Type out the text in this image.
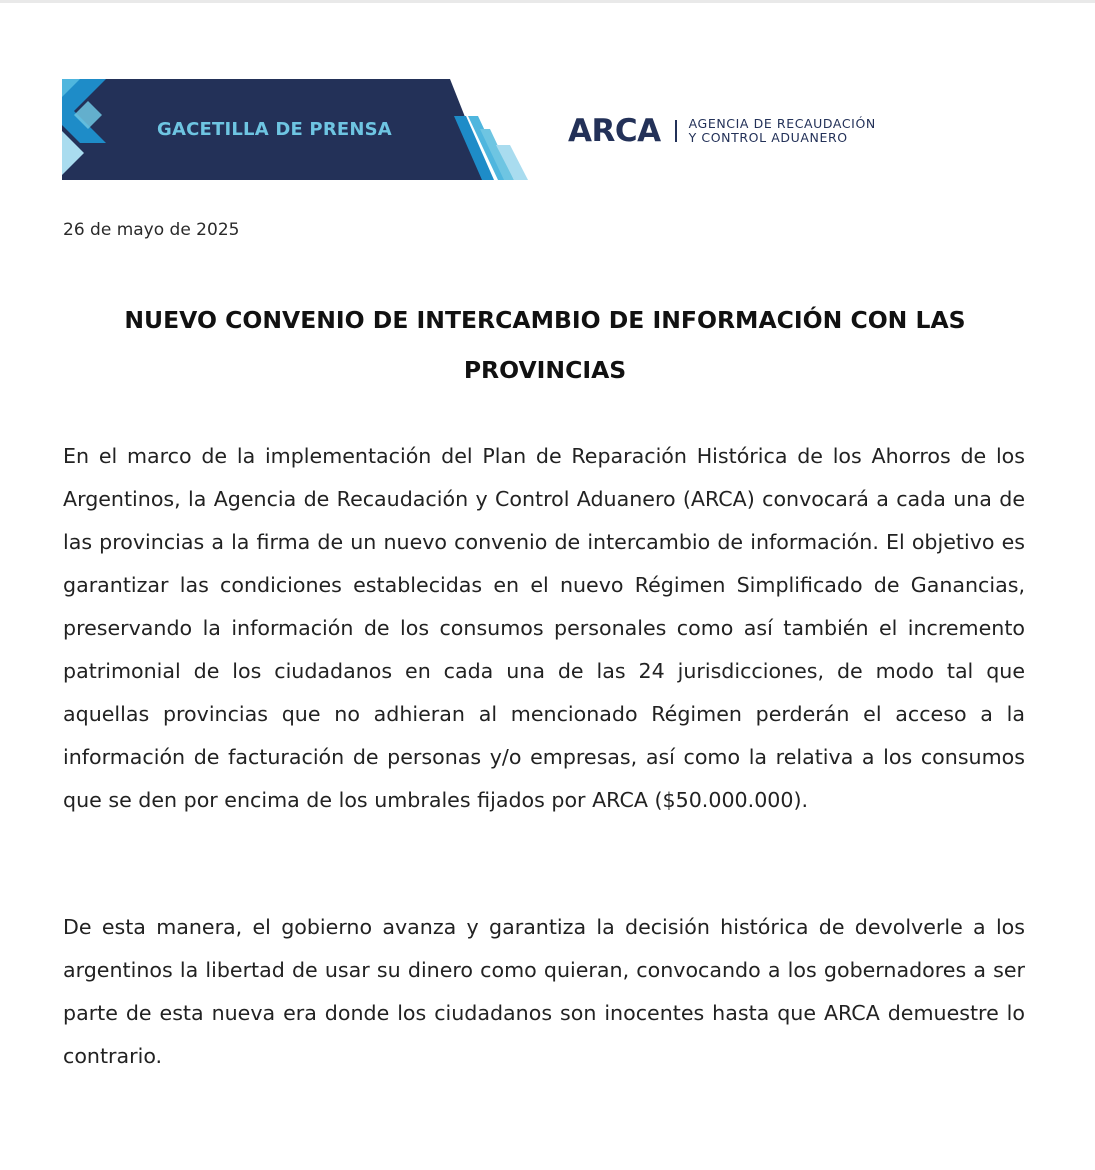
GACETILLA DE PRENSA	ARCA AGENCIA DE RECAUDACIÓN
Y CONTROL ADUANERO
26 de mayo de 2025
NUEVO CONVENIO DE INTERCAMBIO DE INFORMACIÓN CON LAS PROVINCIAS

En el marco de la implementación del Plan de Reparación Histórica de los Ahorros de los Argentinos, la Agencia de Recaudación y Control Aduanero (ARCA) convocará a cada una de las provincias a la firma de un nuevo convenio de intercambio de información. El objetivo es garantizar las condiciones establecidas en el nuevo Régimen Simplificado de Ganancias, preservando la información de los consumos personales como así también el incremento patrimonial de los ciudadanos en cada una de las 24 jurisdicciones, de modo tal que aquellas provincias que no adhieran al mencionado Régimen perderán el acceso a la información de facturación de personas y/o empresas, así como la relativa a los consumos que se den por encima de los umbrales fijados por ARCA ($50.000.000).

De esta manera, el gobierno avanza y garantiza la decisión histórica de devolverle a los argentinos la libertad de usar su dinero como quieran, convocando a los gobernadores a ser parte de esta nueva era donde los ciudadanos son inocentes hasta que ARCA demuestre lo contrario.
